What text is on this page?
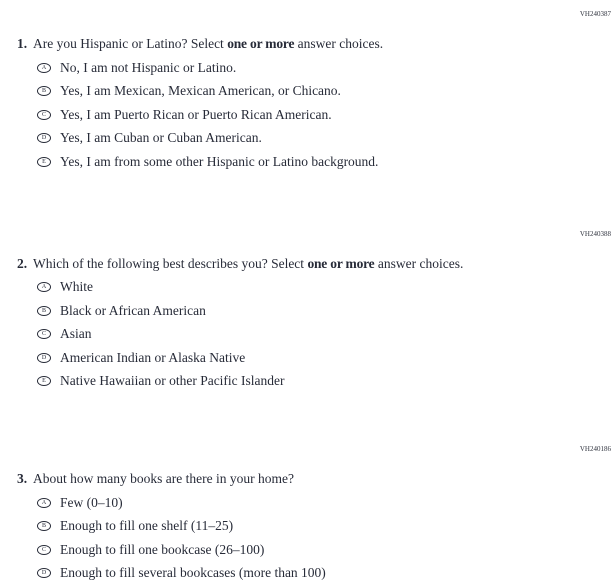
VH240387
1. Are you Hispanic or Latino? Select one or more answer choices.
A No, I am not Hispanic or Latino.
B Yes, I am Mexican, Mexican American, or Chicano.
C Yes, I am Puerto Rican or Puerto Rican American.
D Yes, I am Cuban or Cuban American.
E Yes, I am from some other Hispanic or Latino background.
VH240388
2. Which of the following best describes you? Select one or more answer choices.
A White
B Black or African American
C Asian
D American Indian or Alaska Native
E Native Hawaiian or other Pacific Islander
VH240186
3. About how many books are there in your home?
A Few (0–10)
B Enough to fill one shelf (11–25)
C Enough to fill one bookcase (26–100)
D Enough to fill several bookcases (more than 100)
